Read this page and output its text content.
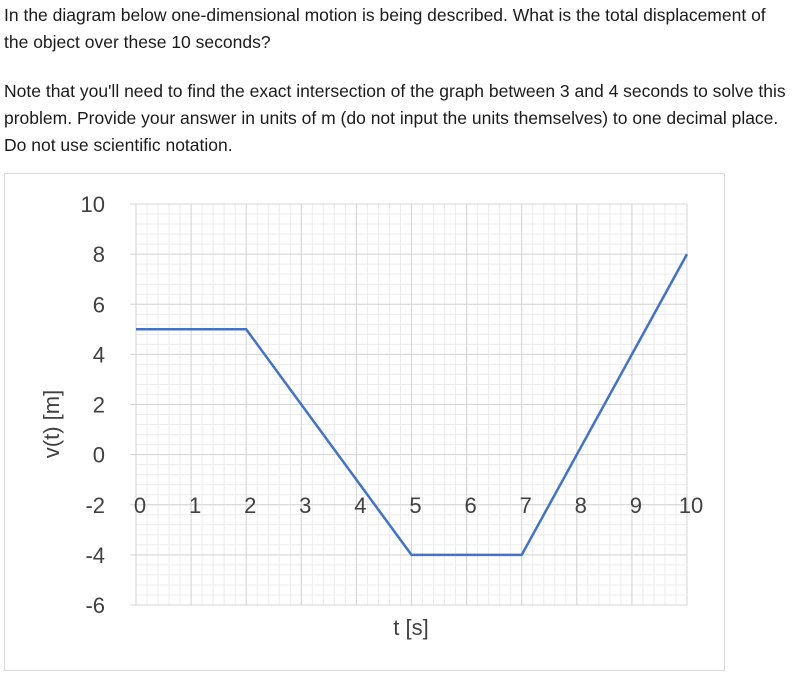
In the diagram below one-dimensional motion is being described. What is the total displacement of the object over these 10 seconds?

Note that you'll need to find the exact intersection of the graph between 3 and 4 seconds to solve this problem. Provide your answer in units of m (do not input the units themselves) to one decimal place. Do not use scientific notation.

10
8
6
4
2
0
-2
-4
-6
0 1 2 3 4 5 6 7 8 9 10
t [s]
v(t) [m]
